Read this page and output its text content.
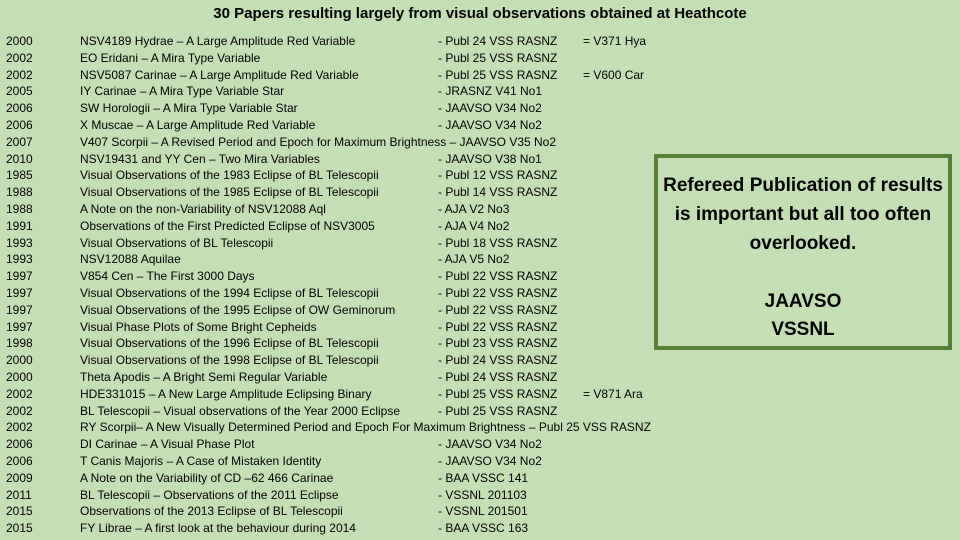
30 Papers resulting largely from visual observations obtained at Heathcote
2000	NSV4189 Hydrae – A Large Amplitude Red Variable	- Publ 24 VSS RASNZ = V371 Hya
2002	EO Eridani – A Mira Type Variable	- Publ 25 VSS RASNZ
2002	NSV5087 Carinae – A Large Amplitude Red Variable	- Publ 25 VSS RASNZ = V600 Car
2005	IY Carinae – A Mira Type Variable Star	- JRASNZ V41 No1
2006	SW Horologii – A Mira Type Variable Star	- JAAVSO V34 No2
2006	X Muscae – A Large Amplitude Red Variable	- JAAVSO V34 No2
2007	V407 Scorpii – A Revised Period and Epoch for Maximum Brightness – JAAVSO V35 No2
2010	NSV19431 and YY Cen – Two Mira Variables	- JAAVSO V38 No1
1985	Visual Observations of the 1983 Eclipse of BL Telescopii	- Publ 12 VSS RASNZ
1988	Visual Observations of the 1985 Eclipse of BL Telescopii	- Publ 14 VSS RASNZ
1988	A Note on the non-Variability of NSV12088 Aql	- AJA V2 No3
1991	Observations of the First Predicted Eclipse of NSV3005	- AJA V4 No2
1993	Visual Observations of BL Telescopii	- Publ 18 VSS RASNZ
1993	NSV12088 Aquilae	- AJA V5 No2
1997	V854 Cen – The First 3000 Days	- Publ 22 VSS RASNZ
1997	Visual Observations of the 1994 Eclipse of BL Telescopii	- Publ 22 VSS RASNZ
1997	Visual Observations of the 1995 Eclipse of OW Geminorum	- Publ 22 VSS RASNZ
1997	Visual Phase Plots of Some Bright Cepheids	- Publ 22 VSS RASNZ
1998	Visual Observations of the 1996 Eclipse of BL Telescopii	- Publ 23 VSS RASNZ
2000	Visual Observations of the 1998 Eclipse of BL Telescopii	- Publ 24 VSS RASNZ
2000	Theta Apodis – A Bright Semi Regular Variable	- Publ 24 VSS RASNZ
2002	HDE331015 – A New Large Amplitude Eclipsing Binary	- Publ 25 VSS RASNZ = V871 Ara
2002	BL Telescopii – Visual observations of the Year 2000 Eclipse	- Publ 25 VSS RASNZ
2002	RY Scorpii– A New Visually Determined Period and Epoch For Maximum Brightness – Publ 25 VSS RASNZ
2006	DI Carinae – A Visual Phase Plot	- JAAVSO V34 No2
2006	T Canis Majoris – A Case of Mistaken Identity	- JAAVSO V34 No2
2009	A Note on the Variability of CD –62 466 Carinae	- BAA VSSC 141
2011	BL Telescopii – Observations of the 2011 Eclipse	- VSSNL 201103
2015	Observations of the 2013 Eclipse of BL Telescopii	- VSSNL 201501
2015	FY Librae – A first look at the behaviour during 2014	- BAA VSSC 163
Refereed Publication of results is important but all too often overlooked.
JAAVSO
VSSNL
